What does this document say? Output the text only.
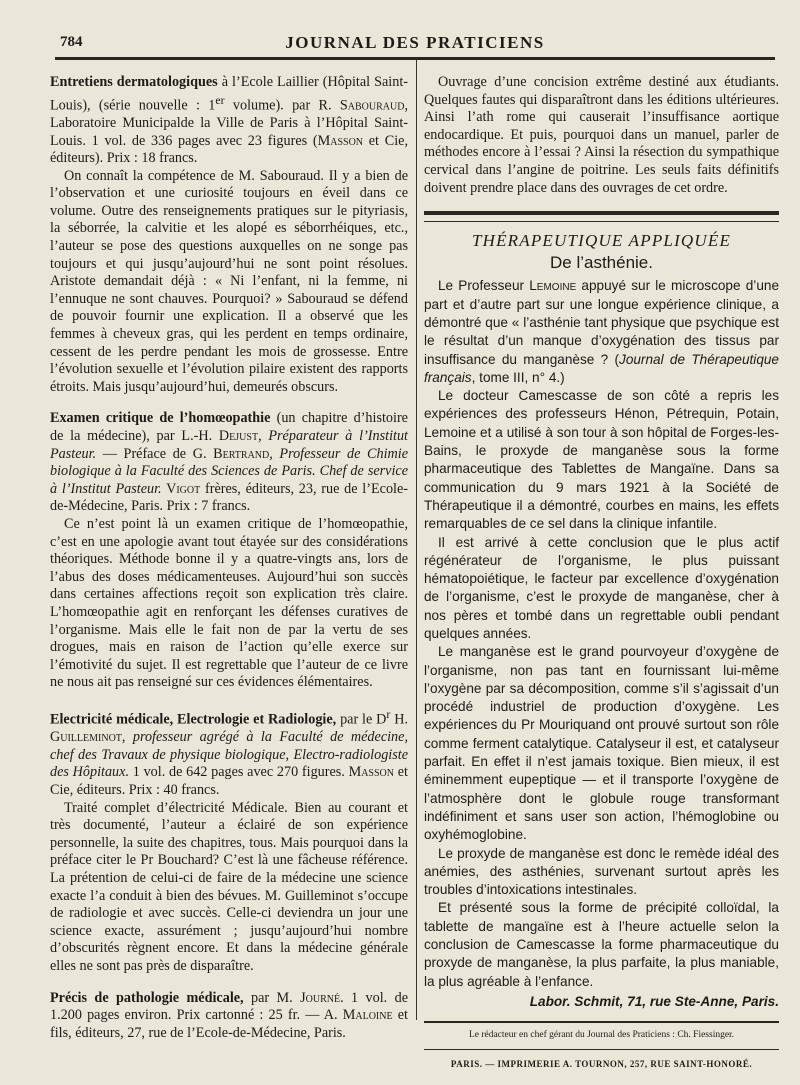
784	JOURNAL DES PRATICIENS

Entretiens dermatologiques à l’Ecole Laillier (Hôpital Saint-Louis), (série nouvelle : 1er volume). par R. Sabouraud, Laboratoire Municipalde la Ville de Paris à l’Hôpital Saint-Louis. 1 vol. de 336 pages avec 23 figures (Masson et Cie, éditeurs). Prix : 18 francs.

On connaît la compétence de M. Sabouraud. Il y a bien de l’observation et une curiosité toujours en éveil dans ce volume. Outre des renseignements pratiques sur le pityriasis, la séborrée, la calvitie et les alopé es séborrhéiques, etc., l’auteur se pose des questions auxquelles on ne songe pas toujours et qui jusqu’aujourd’hui ne sont point résolues. Aristote demandait déjà : « Ni l’enfant, ni la femme, ni l’ennuque ne sont chauves. Pourquoi? » Sabouraud se défend de pouvoir fournir une explication. Il a observé que les femmes à cheveux gras, qui les perdent en temps ordinaire, cessent de les perdre pendant les mois de grossesse. Entre l’évolution sexuelle et l’évolution pilaire existent des rapports étroits. Mais jusqu’aujourd’hui, demeurés obscurs.

Examen critique de l’homœopathie (un chapitre d’histoire de la médecine), par L.-H. Dejust, Préparateur à l’Institut Pasteur. — Préface de G. Bertrand, Professeur de Chimie biologique à la Faculté des Sciences de Paris. Chef de service à l’Institut Pasteur. Vigot frères, éditeurs, 23, rue de l’Ecole-de-Médecine, Paris. Prix : 7 francs.

Ce n’est point là un examen critique de l’homœopathie, c’est en une apologie avant tout étayée sur des considérations théoriques. Méthode bonne il y a quatre-vingts ans, lors de l’abus des doses médicamenteuses. Aujourd’hui son succès dans certaines affections reçoit son explication très claire. L’homœopathie agit en renforçant les défenses curatives de l’organisme. Mais elle le fait non de par la vertu de ses drogues, mais en raison de l’action qu’elle exerce sur l’émotivité du sujet. Il est regrettable que l’auteur de ce livre ne nous ait pas renseigné sur ces évidences élémentaires.

Electricité médicale, Electrologie et Radiologie, par le $D^r$ H. Guilleminot, professeur agrégé à la Faculté de médecine, chef des Travaux de physique biologique, Electro-radiologiste des Hôpitaux. 1 vol. de 642 pages avec 270 figures. Masson et Cie, éditeurs. Prix : 40 francs.

Traité complet d’électricité Médicale. Bien au courant et très documenté, l’auteur a éclairé de son expérience personnelle, la suite des chapitres, tous. Mais pourquoi dans la préface citer le Pr Bouchard? C’est là une fâcheuse référence. La prétention de celui-ci de faire de la médecine une science exacte l’a conduit à bien des bévues. M. Guilleminot s’occupe de radiologie et avec succès. Celle-ci deviendra un jour une science exacte, assurément ; jusqu’aujourd’hui nombre d’obscurités règnent encore. Et dans la médecine générale elles ne sont pas près de disparaître.

Précis de pathologie médicale, par M. Journé. 1 vol. de 1.200 pages environ. Prix cartonné : 25 fr. — A. Maloine et fils, éditeurs, 27, rue de l’Ecole-de-Médecine, Paris.

Ouvrage d’une concision extrême destiné aux étudiants. Quelques fautes qui disparaîtront dans les éditions ultérieures. Ainsi l’ath rome qui causerait l’insuffisance aortique endocardique. Et puis, pourquoi dans un manuel, parler de méthodes encore à l’essai ? Ainsi la résection du sympathique cervical dans l’angine de poitrine. Les seuls faits définitifs doivent prendre place dans des ouvrages de cet ordre.

THÉRAPEUTIQUE APPLIQUÉE
De l’asthénie.

Le Professeur Lemoine appuyé sur le microscope d’une part et d’autre part sur une longue expérience clinique, a démontré que « l’asthénie tant physique que psychique est le résultat d’un manque d’oxygénation des tissus par insuffisance du manganèse ? (Journal de Thérapeutique français, tome III, n° 4.)

Le docteur Camescasse de son côté a repris les expériences des professeurs Hénon, Pétrequin, Potain, Lemoine et a utilisé à son tour à son hôpital de Forges-les-Bains, le proxyde de manganèse sous la forme pharmaceutique des Tablettes de Mangaïne. Dans sa communication du 9 mars 1921 à la Société de Thérapeutique il a démontré, courbes en mains, les effets remarquables de ce sel dans la clinique infantile.

Il est arrivé à cette conclusion que le plus actif régénérateur de l’organisme, le plus puissant hématopoiétique, le facteur par excellence d’oxygénation de l’organisme, c’est le proxyde de manganèse, cher à nos pères et tombé dans un regrettable oubli pendant quelques années.

Le manganèse est le grand pourvoyeur d’oxygène de l’organisme, non pas tant en fournissant lui-même l’oxygène par sa décomposition, comme s’il s’agissait d’un procédé industriel de production d’oxygène. Les expériences du Pr Mouriquand ont prouvé surtout son rôle comme ferment catalytique. Catalyseur il est, et catalyseur parfait. En effet il n’est jamais toxique. Bien mieux, il est éminemment eupeptique — et il transporte l’oxygène de l’atmosphère dont le globule rouge transformant indéfiniment et sans user son action, l’hémoglobine ou oxyhémoglobine.

Le proxyde de manganèse est donc le remède idéal des anémies, des asthénies, survenant surtout après les troubles d’intoxications intestinales.

Et présenté sous la forme de précipité colloïdal, la tablette de mangaïne est à l’heure actuelle selon la conclusion de Camescasse la forme pharmaceutique du proxyde de manganèse, la plus parfaite, la plus maniable, la plus agréable à l’enfance.

Labor. Schmit, 71, rue Ste-Anne, Paris.
Le rédacteur en chef gérant du Journal des Praticiens : Ch. Fiessinger.
PARIS. — IMPRIMERIE A. TOURNON, 257, RUE SAINT-HONORÉ.
